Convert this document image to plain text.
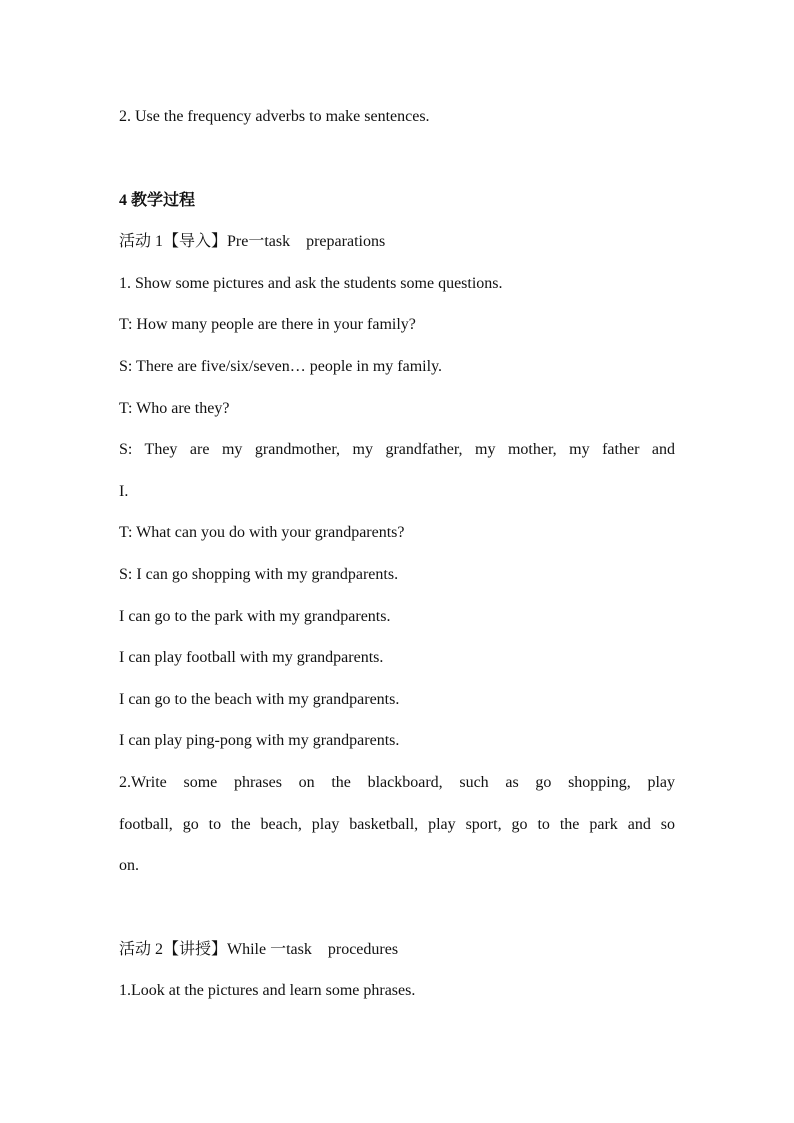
2. Use the frequency adverbs to make sentences.
4 教学过程
活动 1【导入】Pre一task　preparations
1. Show some pictures and ask the students some questions.
T: How many people are there in your family?
S: There are five/six/seven… people in my family.
T: Who are they?
S: They are my grandmother, my grandfather, my mother, my father and
I.
T: What can you do with your grandparents?
S: I can go shopping with my grandparents.
I can go to the park with my grandparents.
I can play football with my grandparents.
I can go to the beach with my grandparents.
I can play ping-pong with my grandparents.
2.Write some phrases on the blackboard, such as go shopping, play
football, go to the beach, play basketball, play sport, go to the park and so
on.
活动 2【讲授】While 一task　procedures
1.Look at the pictures and learn some phrases.
